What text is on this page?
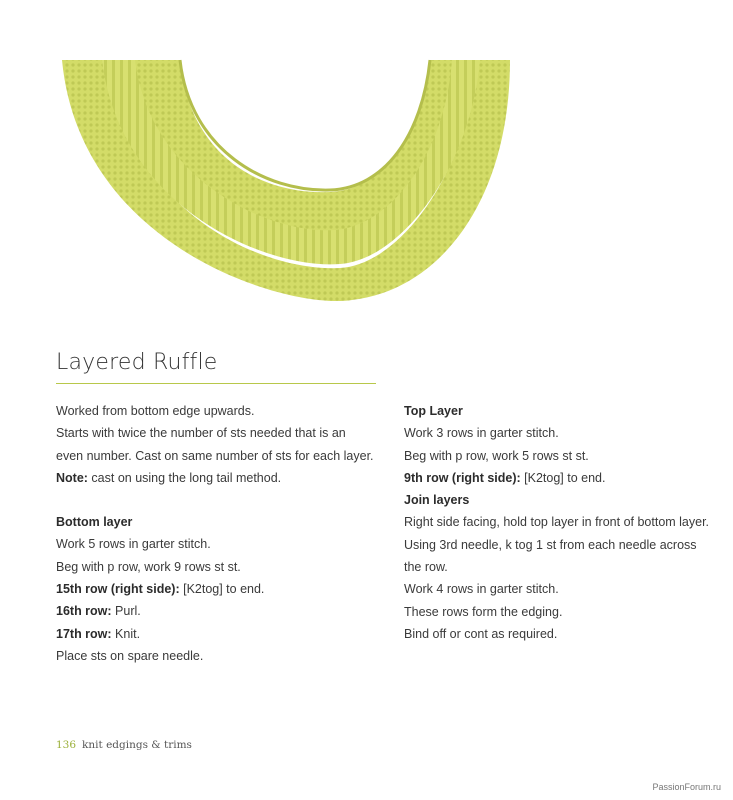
Layered Ruffle
Worked from bottom edge upwards.
Starts with twice the number of sts needed that is an
even number. Cast on same number of sts for each layer.
Note: cast on using the long tail method.
Bottom layer
Work 5 rows in garter stitch.
Beg with p row, work 9 rows st st.
15th row (right side): [K2tog] to end.
16th row: Purl.
17th row: Knit.
Place sts on spare needle.
Top Layer
Work 3 rows in garter stitch.
Beg with p row, work 5 rows st st.
9th row (right side): [K2tog] to end.
Join layers
Right side facing, hold top layer in front of bottom layer.
Using 3rd needle, k tog 1 st from each needle across
the row.
Work 4 rows in garter stitch.
These rows form the edging.
Bind off or cont as required.
136 knit edgings & trims
PassionForum.ru
